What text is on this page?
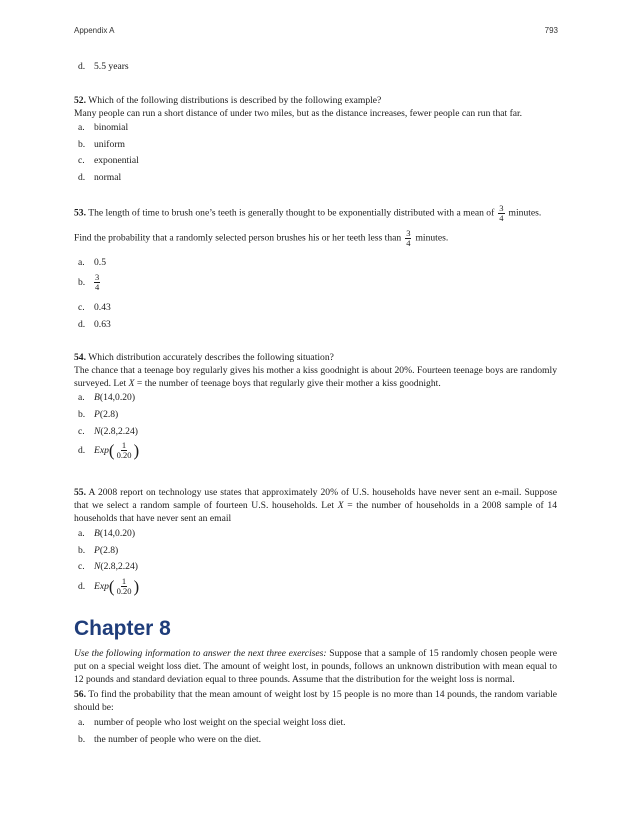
Appendix A	793
d. 5.5 years

52. Which of the following distributions is described by the following example?

Many people can run a short distance of under two miles, but as the distance increases, fewer people can run that far.

a. binomial
b. uniform
c. exponential
d. normal

53. The length of time to brush one’s teeth is generally thought to be exponentially distributed with a mean of $\frac{3}{4}$ minutes.

Find the probability that a randomly selected person brushes his or her teeth less than $\frac{3}{4}$ minutes.

a. 0.5
b. $\frac{3}{4}$
c. 0.43
d. 0.63

54. Which distribution accurately describes the following situation?

The chance that a teenage boy regularly gives his mother a kiss goodnight is about 20%. Fourteen teenage boys are randomly surveyed. Let X = the number of teenage boys that regularly give their mother a kiss goodnight.

a. B(14,0.20)
b. P(2.8)
c. N(2.8,2.24)
d. Exp ( $\frac{1}{0.20}$ )

55. A 2008 report on technology use states that approximately 20% of U.S. households have never sent an e-mail. Suppose that we select a random sample of fourteen U.S. households. Let X = the number of households in a 2008 sample of 14 households that have never sent an email

a. B(14,0.20)
b. P(2.8)
c. N(2.8,2.24)
d. Exp ( $\frac{1}{0.20}$ )

Use the following information to answer the next three exercises: Suppose that a sample of 15 randomly chosen people were put on a special weight loss diet. The amount of weight lost, in pounds, follows an unknown distribution with mean equal to 12 pounds and standard deviation equal to three pounds. Assume that the distribution for the weight loss is normal.

56. To find the probability that the mean amount of weight lost by 15 people is no more than 14 pounds, the random variable should be:

a. number of people who lost weight on the special weight loss diet.
b. the number of people who were on the diet.
Chapter 8
